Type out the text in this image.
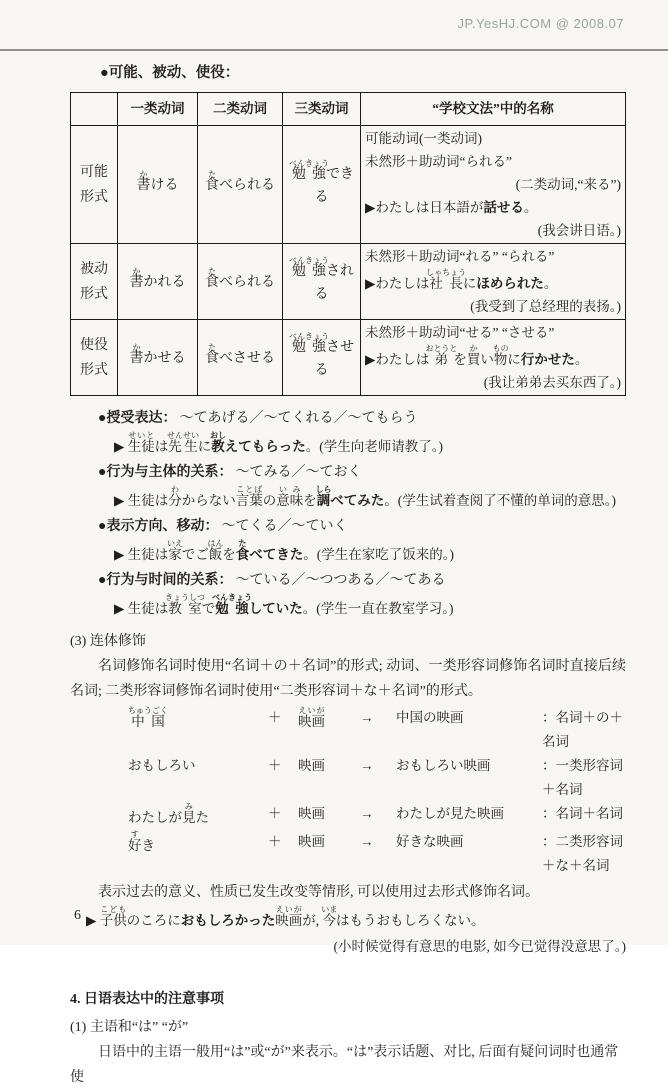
JP.YesHJ.COM @ 2008.07
●可能、被动、使役：
	一类动词	二类动词	三类动词	“学校文法”中的名称
可能形式	書かける	食たべられる	勉強べんきょうできる	可能动词(一类动词)
未然形＋助动词“られる”
(二类动词,“来る”)
▶わたしは日本語が話せる。
(我会讲日语。)

被动形式	書かかれる	食たべられる	勉強べんきょうされる	未然形＋助动词“れる” “られる”
▶わたしは社長しゃちょうにほめられた。
(我受到了总经理的表扬。)

使役形式	書かかせる	食たべさせる	勉強べんきょうさせる	未然形＋助动词“せる” “させる”
▶わたしは弟おとうとを買かい物ものに行かせた。
(我让弟弟去买东西了。)
●授受表达： ～てあげる／～てくれる／～てもらう
▶ 生徒せいとは先生せんせいに教おしえてもらった。(学生向老师请教了。)
●行为与主体的关系： ～てみる／～ておく
▶ 生徒は分わからない言葉ことばの意味いみを調しらべてみた。(学生试着查阅了不懂的单词的意思。)
●表示方向、移动： ～てくる／～ていく
▶ 生徒は家いえでご飯はんを食たべてきた。(学生在家吃了饭来的。)
●行为与时间的关系： ～ている／～つつある／～てある
▶ 生徒は教室きょうしつで勉強べんきょうしていた。(学生一直在教室学习。)
(3) 连体修饰
名词修饰名词时使用“名词＋の＋名词”的形式; 动词、一类形容词修饰名词时直接后续名词; 二类形容词修饰名词时使用“二类形容词＋な＋名词”的形式。
中国ちゅうごく	＋	映画えいが	→	中国の映画	：名词＋の＋名词
おもしろい	＋	映画	→	おもしろい映画	：一类形容词＋名词
わたしが見みた	＋	映画	→	わたしが見た映画	：名词＋名词
好すき	＋	映画	→	好きな映画	：二类形容词＋な＋名词
表示过去的意义、性质已发生改变等情形, 可以使用过去形式修饰名词。
▶ 子供こどものころにおもしろかった映画えいがが, 今いまはもうおもしろくない。
(小时候觉得有意思的电影, 如今已觉得没意思了。)
4. 日语表达中的注意事项
(1) 主语和“は” “が”
日语中的主语一般用“は”或“が”来表示。“は”表示话题、对比, 后面有疑问词时也通常使
6
